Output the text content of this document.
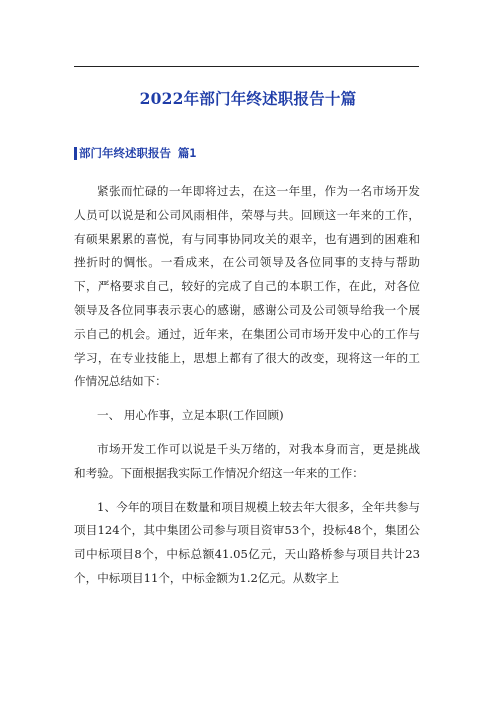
2022年部门年终述职报告十篇
部门年终述职报告 篇1

紧张而忙碌的一年即将过去，在这一年里，作为一名市场开发人员可以说是和公司风雨相伴，荣辱与共。回顾这一年来的工作，有硕果累累的喜悦，有与同事协同攻关的艰辛，也有遇到的困难和挫折时的惆怅。一看成来，在公司领导及各位同事的支持与帮助下，严格要求自己，较好的完成了自己的本职工作，在此，对各位领导及各位同事表示衷心的感谢，感谢公司及公司领导给我一个展示自己的机会。通过，近年来，在集团公司市场开发中心的工作与学习，在专业技能上，思想上都有了很大的改变，现将这一年的工作情况总结如下：

一、 用心作事，立足本职(工作回顾)

市场开发工作可以说是千头万绪的，对我本身而言，更是挑战和考验。下面根据我实际工作情况介绍这一年来的工作：

1、今年的项目在数量和项目规模上较去年大很多，全年共参与项目124个，其中集团公司参与项目资审53个，投标48个，集团公司中标项目8个，中标总额41.05亿元，天山路桥参与项目共计23个，中标项目11个，中标金额为1.2亿元。从数字上
